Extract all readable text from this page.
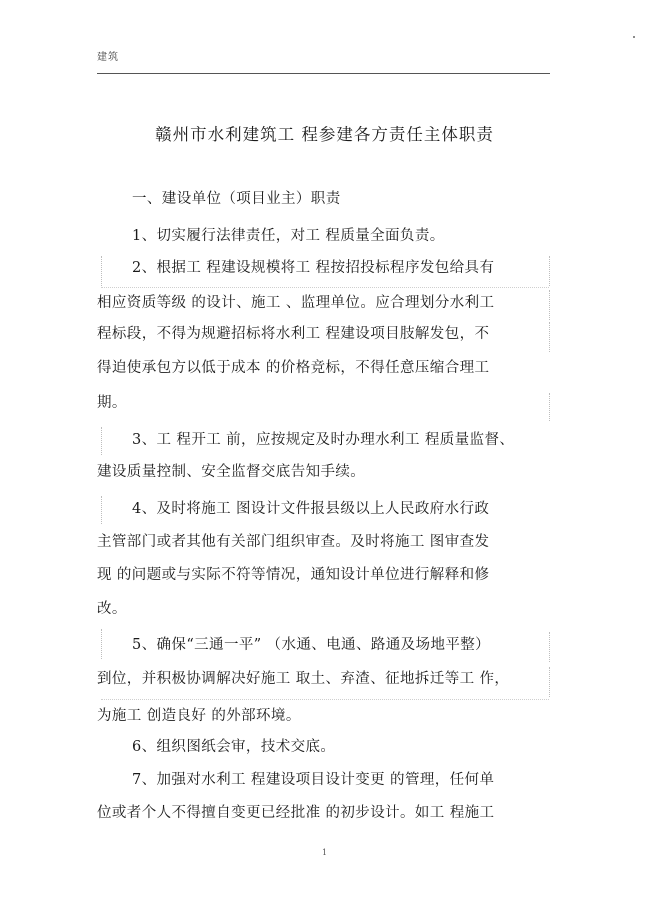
建筑
赣州市水利建筑工 程参建各方责任主体职责
一、建设单位（项目业主）职责
1、切实履行法律责任，对工 程质量全面负责。
2、根据工 程建设规模将工 程按招投标程序发包给具有
相应资质等级 的设计、施工 、监理单位。应合理划分水利工
程标段，不得为规避招标将水利工 程建设项目肢解发包，不
得迫使承包方以低于成本 的价格竞标，不得任意压缩合理工
期。
3、工 程开工 前，应按规定及时办理水利工 程质量监督、
建设质量控制、安全监督交底告知手续。
4、及时将施工 图设计文件报县级以上人民政府水行政
主管部门或者其他有关部门组织审查。及时将施工 图审查发
现 的问题或与实际不符等情况，通知设计单位进行解释和修
改。
5、确保“三通一平” （水通、电通、路通及场地平整）
到位，并积极协调解决好施工 取土、弃渣、征地拆迁等工 作，
为施工 创造良好 的外部环境。
6、组织图纸会审，技术交底。
7、加强对水利工 程建设项目设计变更 的管理，任何单
位或者个人不得擅自变更已经批准 的初步设计。如工 程施工
1
